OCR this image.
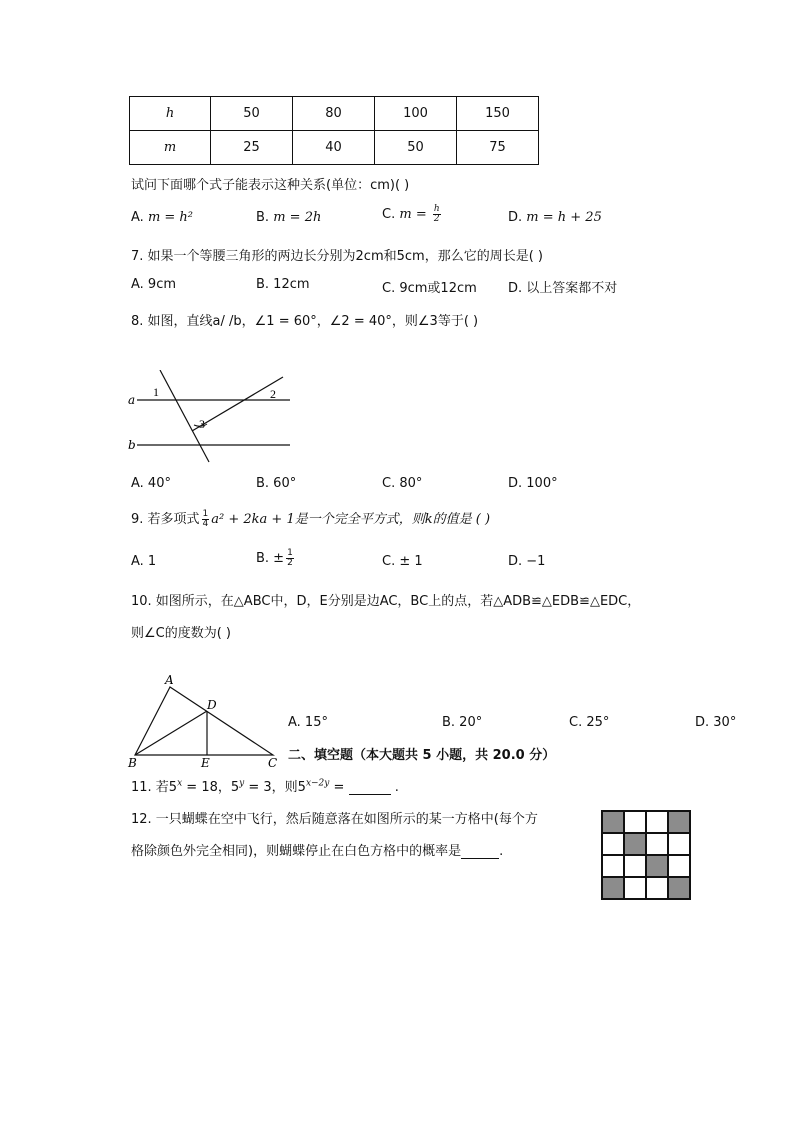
h	50	80	100	150
m	25	40	50	75
试问下面哪个式子能表示这种关系(单位：cm)( )
A. m = h²	B. m = 2h	C. $m = \frac{h}{2}$	D. m = h + 25
7. 如果一个等腰三角形的两边长分别为2cm和5cm，那么它的周长是( )
A. 9cm	B. 12cm	C. 9cm或12cm D. 以上答案都不对
8. 如图，直线a/ /b，∠1 = 60°，∠2 = 40°，则∠3等于( )
a
b
1	2
3
A. 40°	B. 60°	C. 80°	D. 100°
9. 若多项式 $\frac{1}{4} a^2 + 2ka + 1$是一个完全平方式，则k的值是 ( )
A. 1	B. ± $\frac{1}{2}$	C. ± 1	D. −1
10. 如图所示，在△ABC中，D，E分别是边AC，BC上的点，若△ADB≌△EDB≌△EDC，
则∠C的度数为( )
A
B	C
D
E
A. 15°	B. 20°	C. 25°	D. 30°
二、填空题（本大题共 5 小题，共 20.0 分）
11. 若$5^x = 18$，$5^y = 3$，则$5^{x-2y}$ =	.
12. 一只蝴蝶在空中飞行，然后随意落在如图所示的某一方格中(每个方
格除颜色外完全相同)，则蝴蝶停止在白色方格中的概率是	.
